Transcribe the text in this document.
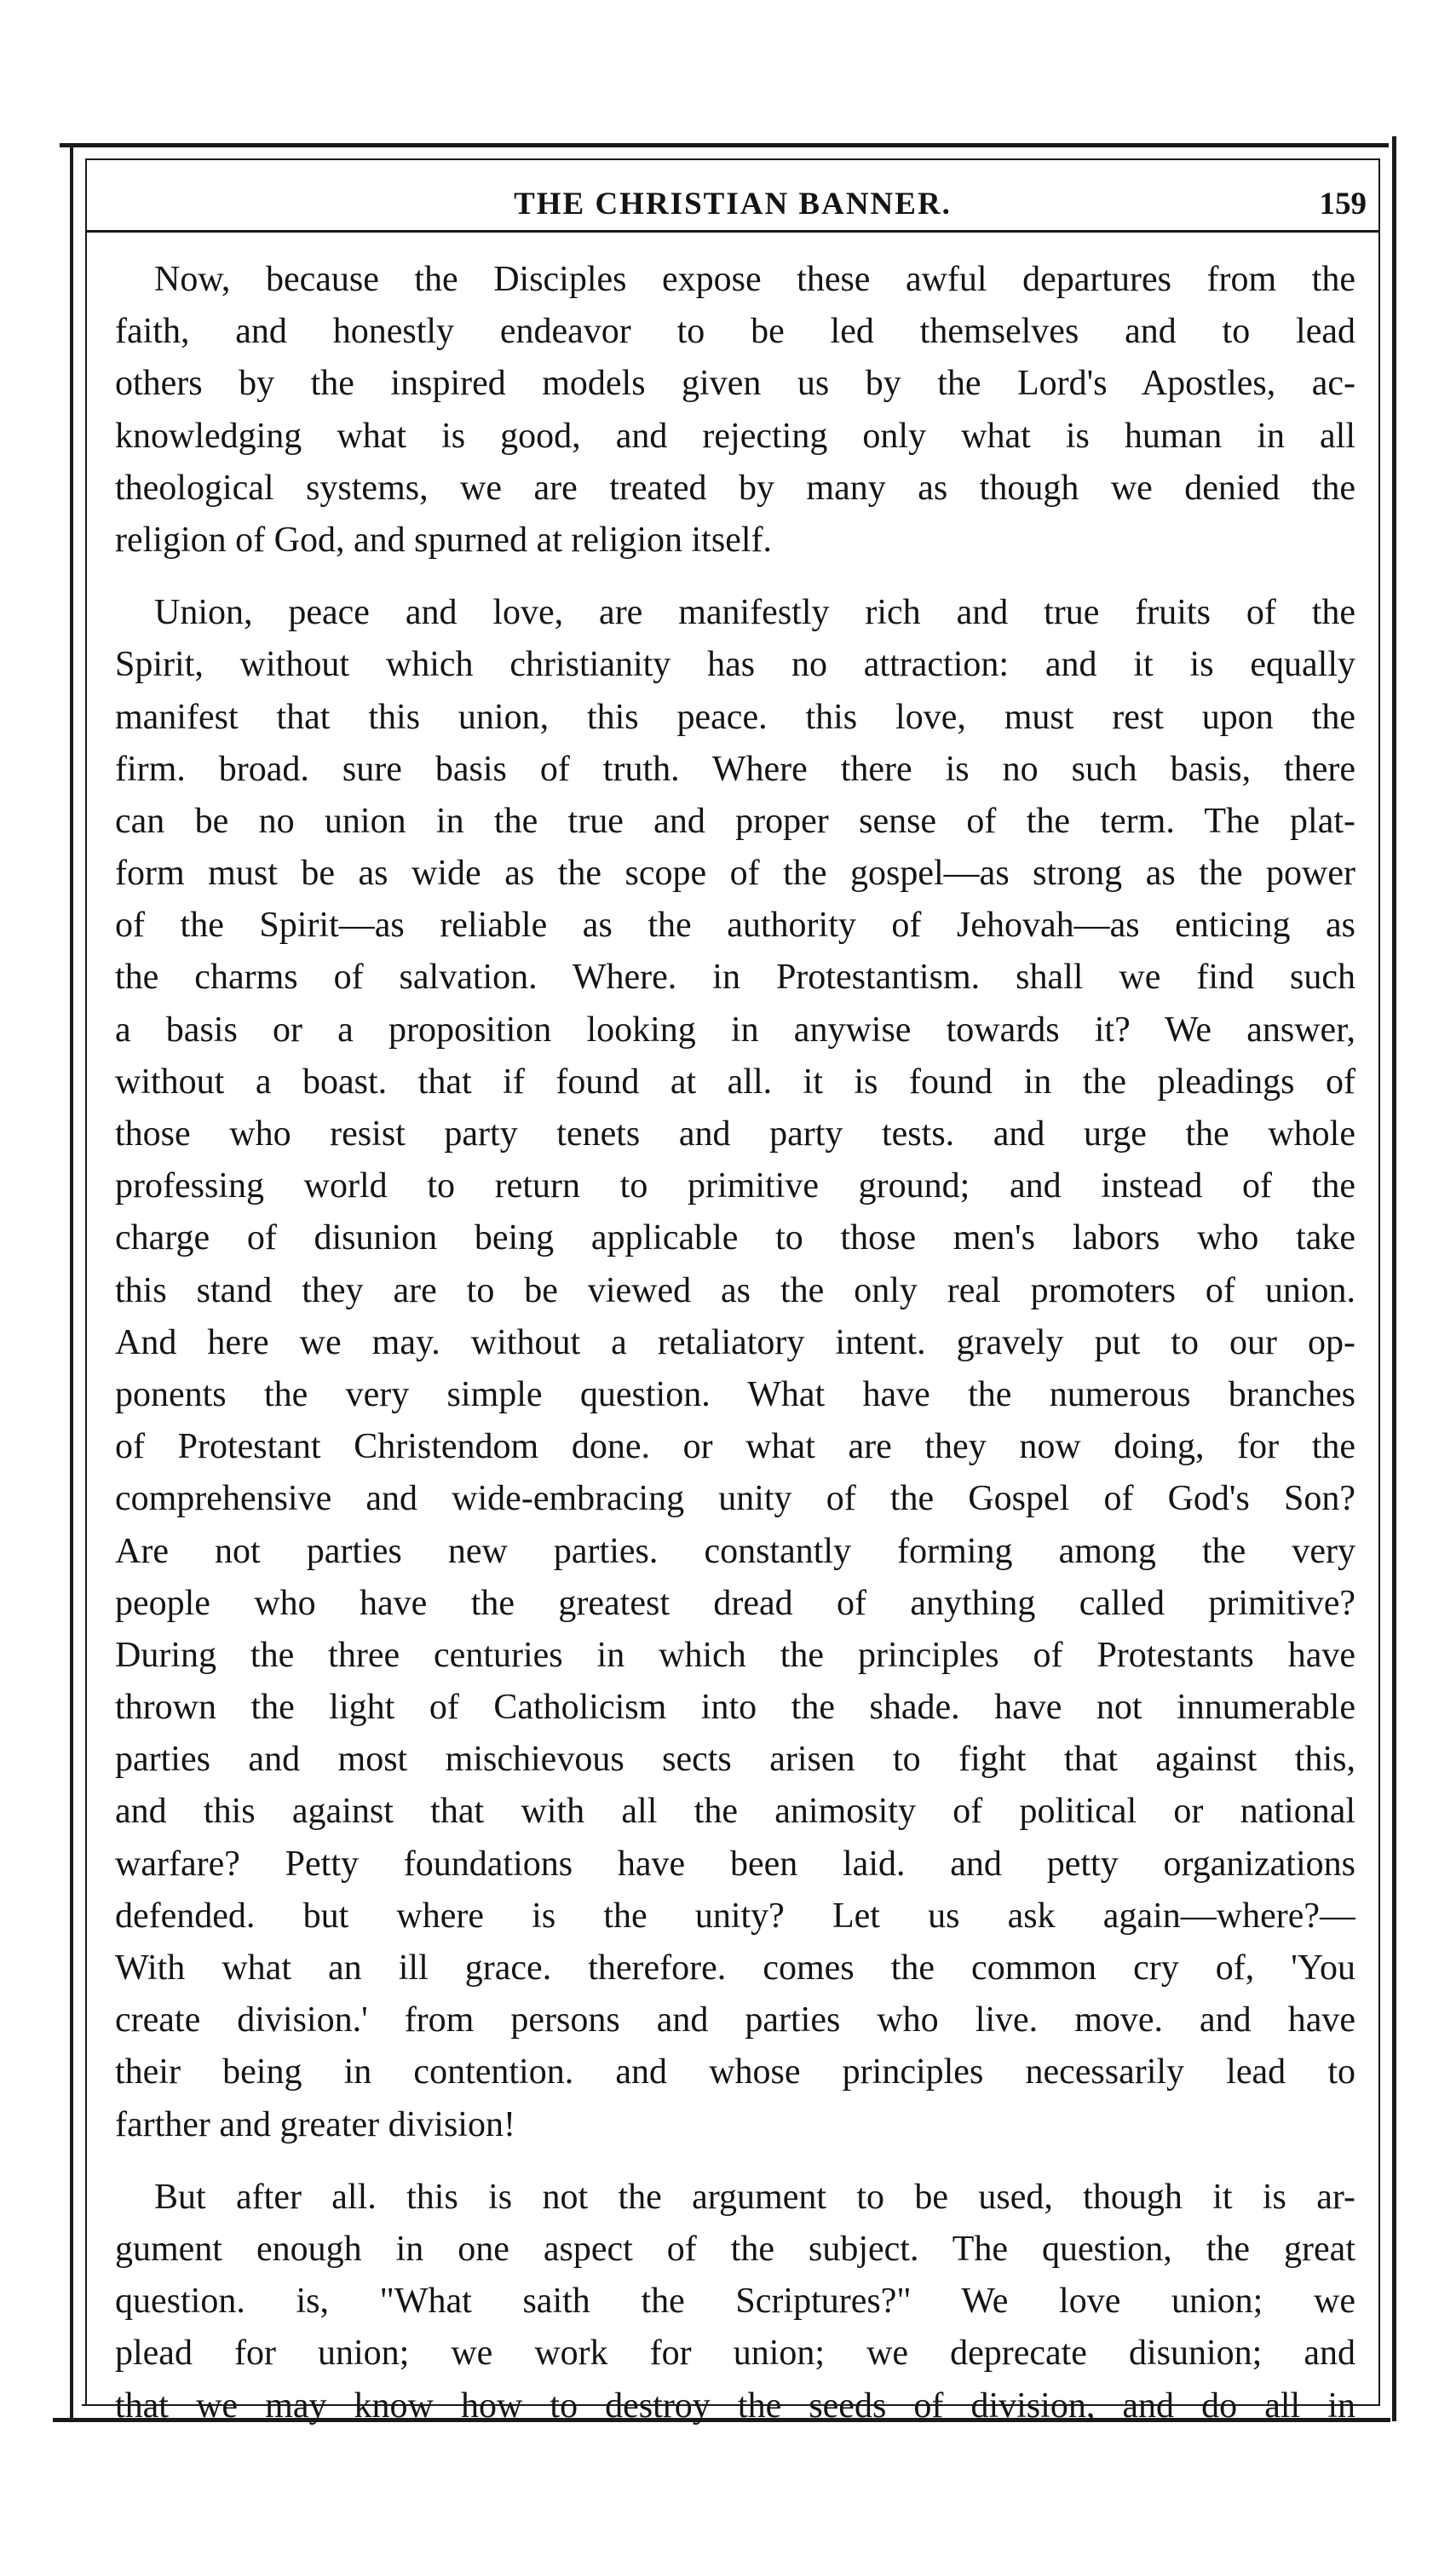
THE CHRISTIAN BANNER.	159

Now, because the Disciples expose these awful departures from the
faith, and honestly endeavor to be led themselves and to lead
others by the inspired models given us by the Lord's Apostles, ac-
knowledging what is good, and rejecting only what is human in all
theological systems, we are treated by many as though we denied the
religion of God, and spurned at religion itself.

Union, peace and love, are manifestly rich and true fruits of the
Spirit, without which christianity has no attraction: and it is equally
manifest that this union, this peace. this love, must rest upon the
firm. broad. sure basis of truth. Where there is no such basis, there
can be no union in the true and proper sense of the term. The plat-
form must be as wide as the scope of the gospel—as strong as the power
of the Spirit—as reliable as the authority of Jehovah—as enticing as
the charms of salvation. Where. in Protestantism. shall we find such
a basis or a proposition looking in anywise towards it? We answer,
without a boast. that if found at all. it is found in the pleadings of
those who resist party tenets and party tests. and urge the whole
professing world to return to primitive ground; and instead of the
charge of disunion being applicable to those men's labors who take
this stand they are to be viewed as the only real promoters of union.
And here we may. without a retaliatory intent. gravely put to our op-
ponents the very simple question. What have the numerous branches
of Protestant Christendom done. or what are they now doing, for the
comprehensive and wide-embracing unity of the Gospel of God's Son?
Are not parties new parties. constantly forming among the very
people who have the greatest dread of anything called primitive?
During the three centuries in which the principles of Protestants have
thrown the light of Catholicism into the shade. have not innumerable
parties and most mischievous sects arisen to fight that against this,
and this against that with all the animosity of political or national
warfare? Petty foundations have been laid. and petty organizations
defended. but where is the unity? Let us ask again—where?—
With what an ill grace. therefore. comes the common cry of, 'You
create division.' from persons and parties who live. move. and have
their being in contention. and whose principles necessarily lead to
farther and greater division!

But after all. this is not the argument to be used, though it is ar-
gument enough in one aspect of the subject. The question, the great
question. is, "What saith the Scriptures?" We love union; we
plead for union; we work for union; we deprecate disunion; and
that we may know how to destroy the seeds of division, and do all in
